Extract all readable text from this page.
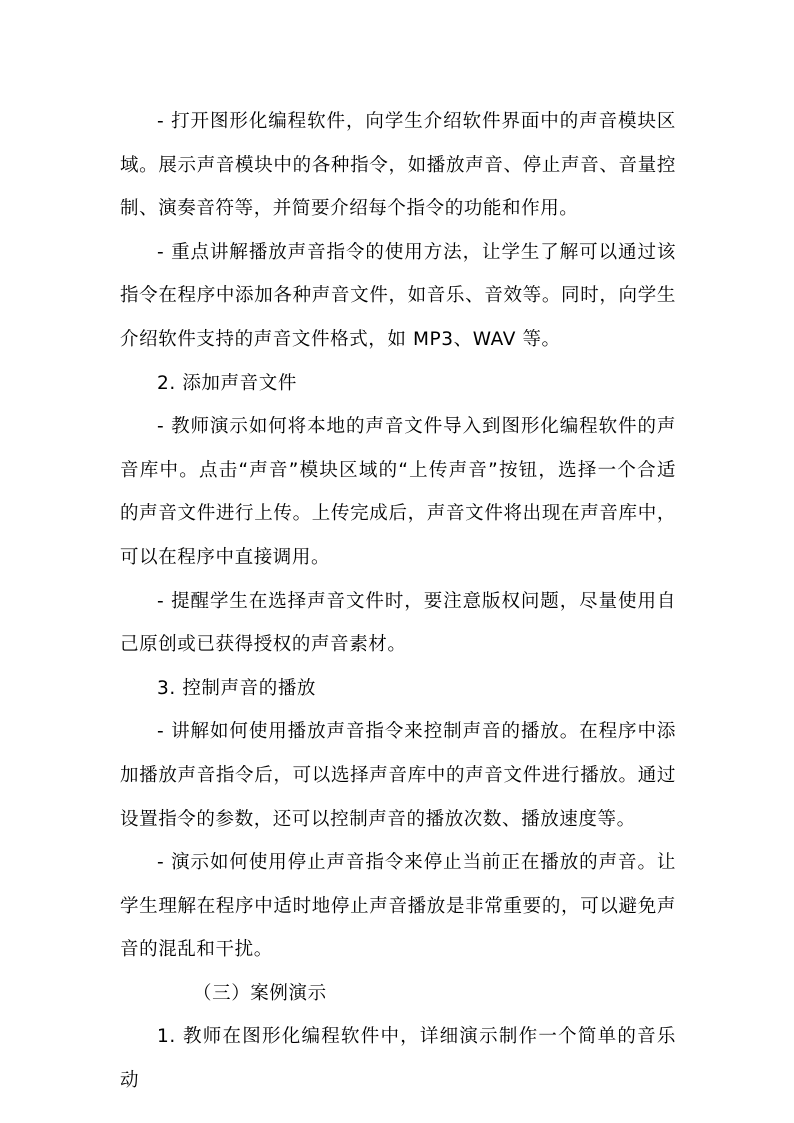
- 打开图形化编程软件，向学生介绍软件界面中的声音模块区域。展示声音模块中的各种指令，如播放声音、停止声音、音量控制、演奏音符等，并简要介绍每个指令的功能和作用。

- 重点讲解播放声音指令的使用方法，让学生了解可以通过该指令在程序中添加各种声音文件，如音乐、音效等。同时，向学生介绍软件支持的声音文件格式，如 MP3、WAV 等。

2. 添加声音文件

- 教师演示如何将本地的声音文件导入到图形化编程软件的声音库中。点击“声音”模块区域的“上传声音”按钮，选择一个合适的声音文件进行上传。上传完成后，声音文件将出现在声音库中，可以在程序中直接调用。

- 提醒学生在选择声音文件时，要注意版权问题，尽量使用自己原创或已获得授权的声音素材。

3. 控制声音的播放

- 讲解如何使用播放声音指令来控制声音的播放。在程序中添加播放声音指令后，可以选择声音库中的声音文件进行播放。通过设置指令的参数，还可以控制声音的播放次数、播放速度等。

- 演示如何使用停止声音指令来停止当前正在播放的声音。让学生理解在程序中适时地停止声音播放是非常重要的，可以避免声音的混乱和干扰。

（三）案例演示

1. 教师在图形化编程软件中，详细演示制作一个简单的音乐动
